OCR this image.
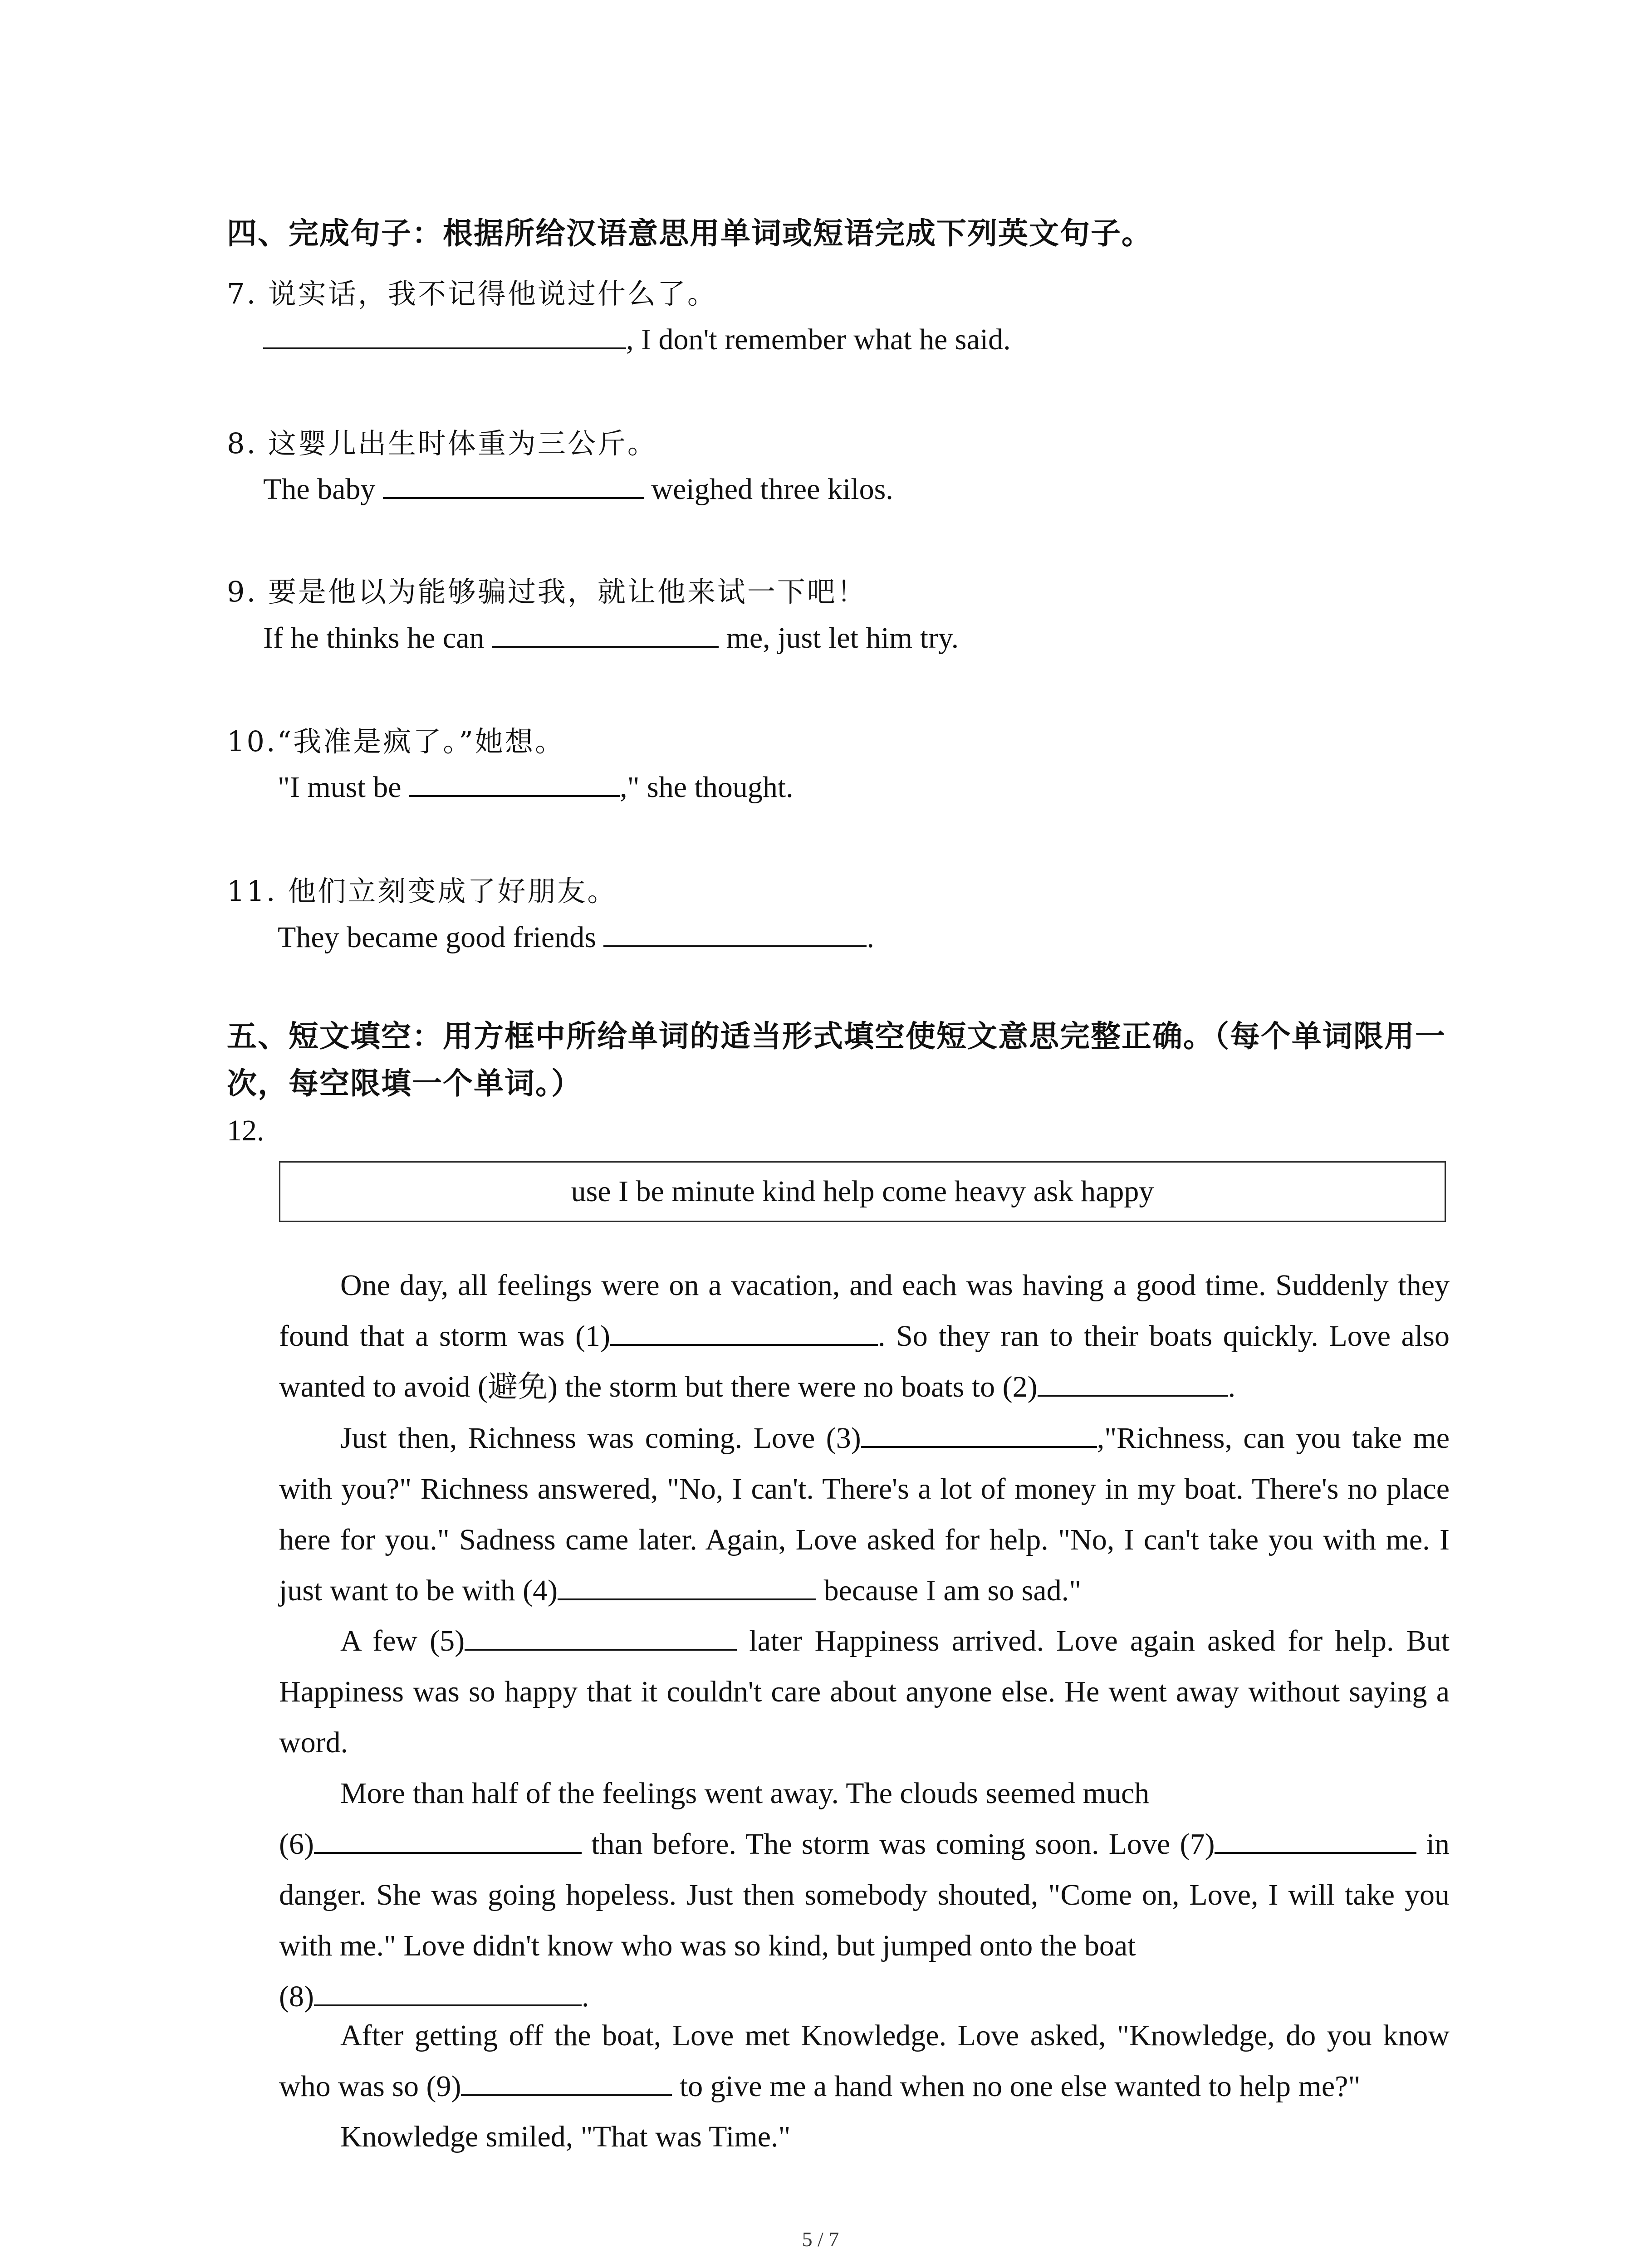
四、完成句子：根据所给汉语意思用单词或短语完成下列英文句子。
7. 说实话，我不记得他说过什么了。
, I don't remember what he said.
8. 这婴儿出生时体重为三公斤。
The baby	weighed three kilos.
9. 要是他以为能够骗过我，就让他来试一下吧！
If he thinks he can	me, just let him try.
10.“我准是疯了。”她想。
"I must be	," she thought.
11. 他们立刻变成了好朋友。
They became good friends	.
五、短文填空：用方框中所给单词的适当形式填空使短文意思完整正确。（每个单词限用一次，每空限填一个单词。）
12.
use I be minute kind help come heavy ask happy
One day, all feelings were on a vacation, and each was having a good time. Suddenly they found that a storm was (1)	. So they ran to their boats quickly. Love also wanted to avoid (避免) the storm but there were no boats to (2)	.
Just then, Richness was coming. Love (3)	,"Richness, can you take me with you?" Richness answered, "No, I can't. There's a lot of money in my boat. There's no place here for you." Sadness came later. Again, Love asked for help. "No, I can't take you with me. I just want to be with (4)	because I am so sad."
A few (5)	later Happiness arrived. Love again asked for help. But Happiness was so happy that it couldn't care about anyone else. He went away without saying a word.
More than half of the feelings went away. The clouds seemed much
(6)	than before. The storm was coming soon. Love (7)	in danger. She was going hopeless. Just then somebody shouted, "Come on, Love, I will take you with me." Love didn't know who was so kind, but jumped onto the boat
(8)	.
After getting off the boat, Love met Knowledge. Love asked, "Knowledge, do you know who was so (9)	to give me a hand when no one else wanted to help me?"
Knowledge smiled, "That was Time."
5 / 7
